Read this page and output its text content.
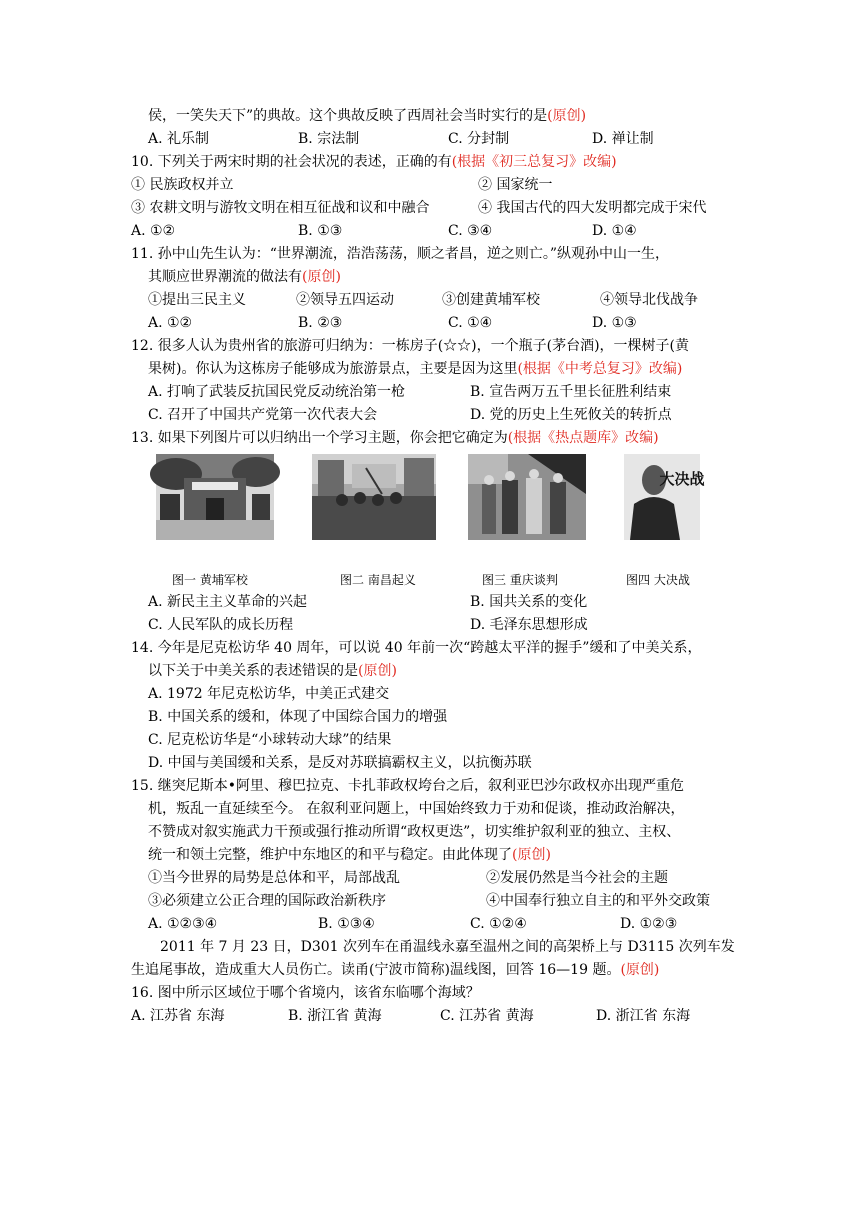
侯，一笑失天下”的典故。这个典故反映了西周社会当时实行的是(原创)
A. 礼乐制	B. 宗法制	C. 分封制	D. 禅让制
10. 下列关于两宋时期的社会状况的表述，正确的有(根据《初三总复习》改编)
① 民族政权并立	② 国家统一
③ 农耕文明与游牧文明在相互征战和议和中融合	④ 我国古代的四大发明都完成于宋代
A. ①②	B. ①③	C. ③④	D. ①④
11. 孙中山先生认为：“世界潮流，浩浩荡荡，顺之者昌，逆之则亡。”纵观孙中山一生，
其顺应世界潮流的做法有(原创)
①提出三民主义	②领导五四运动	③创建黄埔军校	④领导北伐战争
A. ①②	B. ②③	C. ①④	D. ①③
12. 很多人认为贵州省的旅游可归纳为：一栋房子(☆☆)，一个瓶子(茅台酒)，一棵树子(黄
果树)。你认为这栋房子能够成为旅游景点，主要是因为这里(根据《中考总复习》改编)
A. 打响了武装反抗国民党反动统治第一枪	B. 宣告两万五千里长征胜利结束
C. 召开了中国共产党第一次代表大会	D. 党的历史上生死攸关的转折点
13. 如果下列图片可以归纳出一个学习主题，你会把它确定为(根据《热点题库》改编)
大决战
图一 黄埔军校	图二 南昌起义	图三 重庆谈判	图四 大决战
A. 新民主主义革命的兴起	B. 国共关系的变化
C. 人民军队的成长历程	D. 毛泽东思想形成
14. 今年是尼克松访华 40 周年，可以说 40 年前一次“跨越太平洋的握手”缓和了中美关系，
以下关于中美关系的表述错误的是(原创)
A. 1972 年尼克松访华，中美正式建交
B. 中国关系的缓和，体现了中国综合国力的增强
C. 尼克松访华是“小球转动大球”的结果
D. 中国与美国缓和关系，是反对苏联搞霸权主义，以抗衡苏联
15. 继突尼斯本•阿里、穆巴拉克、卡扎菲政权垮台之后，叙利亚巴沙尔政权亦出现严重危
机，叛乱一直延续至今。 在叙利亚问题上，中国始终致力于劝和促谈，推动政治解决，
不赞成对叙实施武力干预或强行推动所谓“政权更迭”，切实维护叙利亚的独立、主权、
统一和领土完整，维护中东地区的和平与稳定。由此体现了(原创)
①当今世界的局势是总体和平，局部战乱	②发展仍然是当今社会的主题
③必须建立公正合理的国际政治新秩序	④中国奉行独立自主的和平外交政策
A. ①②③④	B. ①③④	C. ①②④	D. ①②③
2011 年 7 月 23 日，D301 次列车在甬温线永嘉至温州之间的高架桥上与 D3115 次列车发
生追尾事故，造成重大人员伤亡。读甬(宁波市简称)温线图，回答 16—19 题。(原创)
16. 图中所示区域位于哪个省境内，该省东临哪个海域？
A. 江苏省 东海	B. 浙江省 黄海	C. 江苏省 黄海	D. 浙江省 东海
